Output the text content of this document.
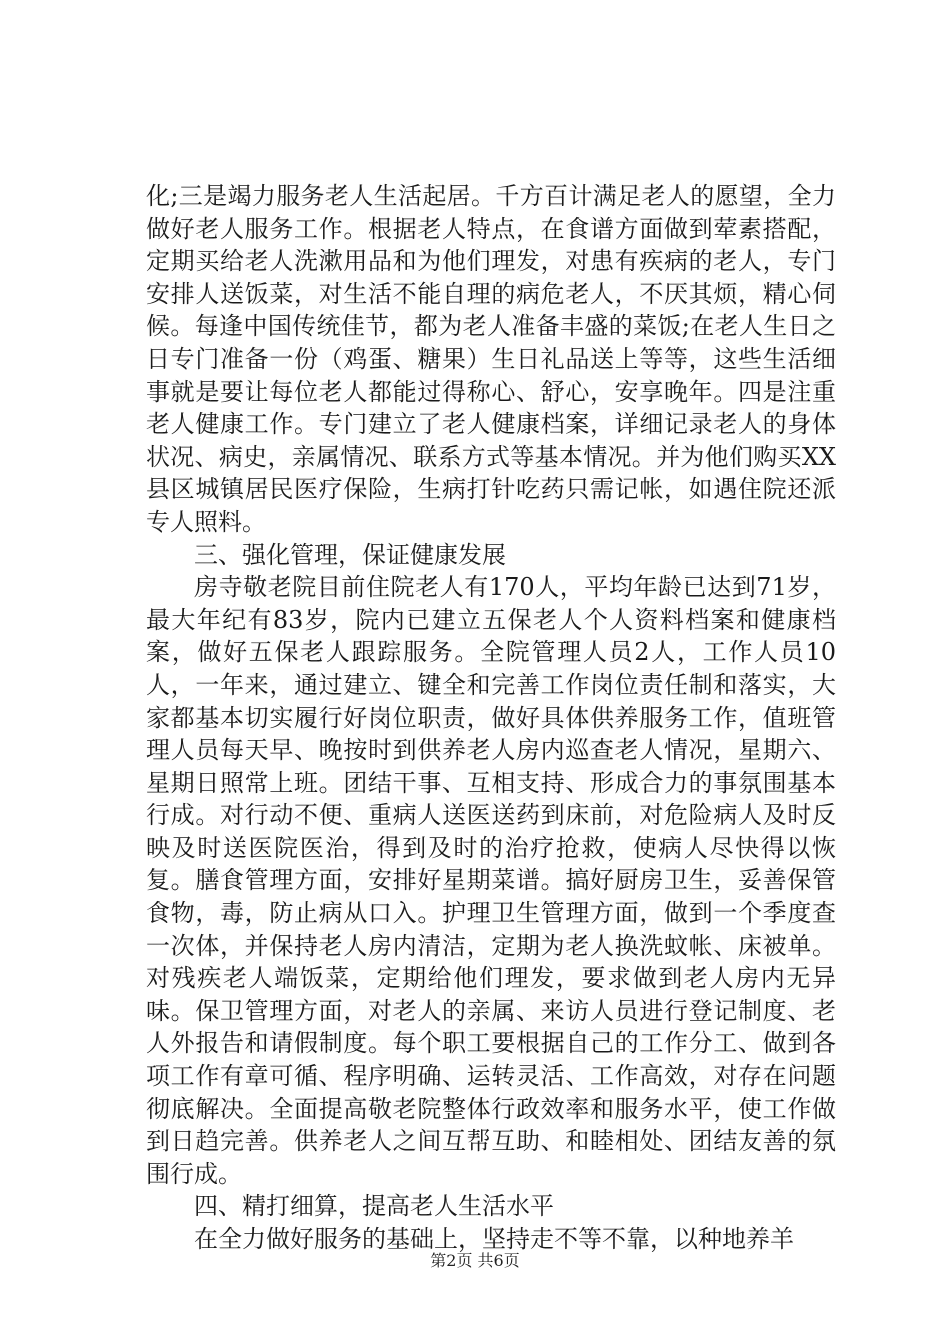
化;三是竭力服务老人生活起居。千方百计满足老人的愿望，全力做好老人服务工作。根据老人特点，在食谱方面做到荤素搭配，定期买给老人洗漱用品和为他们理发，对患有疾病的老人，专门安排人送饭菜，对生活不能自理的病危老人，不厌其烦，精心伺候。每逢中国传统佳节，都为老人准备丰盛的菜饭;在老人生日之日专门准备一份（鸡蛋、糖果）生日礼品送上等等，这些生活细事就是要让每位老人都能过得称心、舒心，安享晚年。四是注重老人健康工作。专门建立了老人健康档案，详细记录老人的身体状况、病史，亲属情况、联系方式等基本情况。并为他们购买XX县区城镇居民医疗保险，生病打针吃药只需记帐，如遇住院还派专人照料。

三、强化管理，保证健康发展

房寺敬老院目前住院老人有170人，平均年龄已达到71岁，最大年纪有83岁，院内已建立五保老人个人资料档案和健康档案，做好五保老人跟踪服务。全院管理人员2人，工作人员10人，一年来，通过建立、键全和完善工作岗位责任制和落实，大家都基本切实履行好岗位职责，做好具体供养服务工作，值班管理人员每天早、晚按时到供养老人房内巡查老人情况，星期六、星期日照常上班。团结干事、互相支持、形成合力的事氛围基本行成。对行动不便、重病人送医送药到床前，对危险病人及时反映及时送医院医治，得到及时的治疗抢救，使病人尽快得以恢复。膳食管理方面，安排好星期菜谱。搞好厨房卫生，妥善保管食物，毒，防止病从口入。护理卫生管理方面，做到一个季度查一次体，并保持老人房内清洁，定期为老人换洗蚊帐、床被单。对残疾老人端饭菜，定期给他们理发，要求做到老人房内无异味。保卫管理方面，对老人的亲属、来访人员进行登记制度、老人外报告和请假制度。每个职工要根据自己的工作分工、做到各项工作有章可循、程序明确、运转灵活、工作高效，对存在问题彻底解决。全面提高敬老院整体行政效率和服务水平，使工作做到日趋完善。供养老人之间互帮互助、和睦相处、团结友善的氛围行成。

四、精打细算，提高老人生活水平

在全力做好服务的基础上，坚持走不等不靠，以种地养羊

第2页 共6页
